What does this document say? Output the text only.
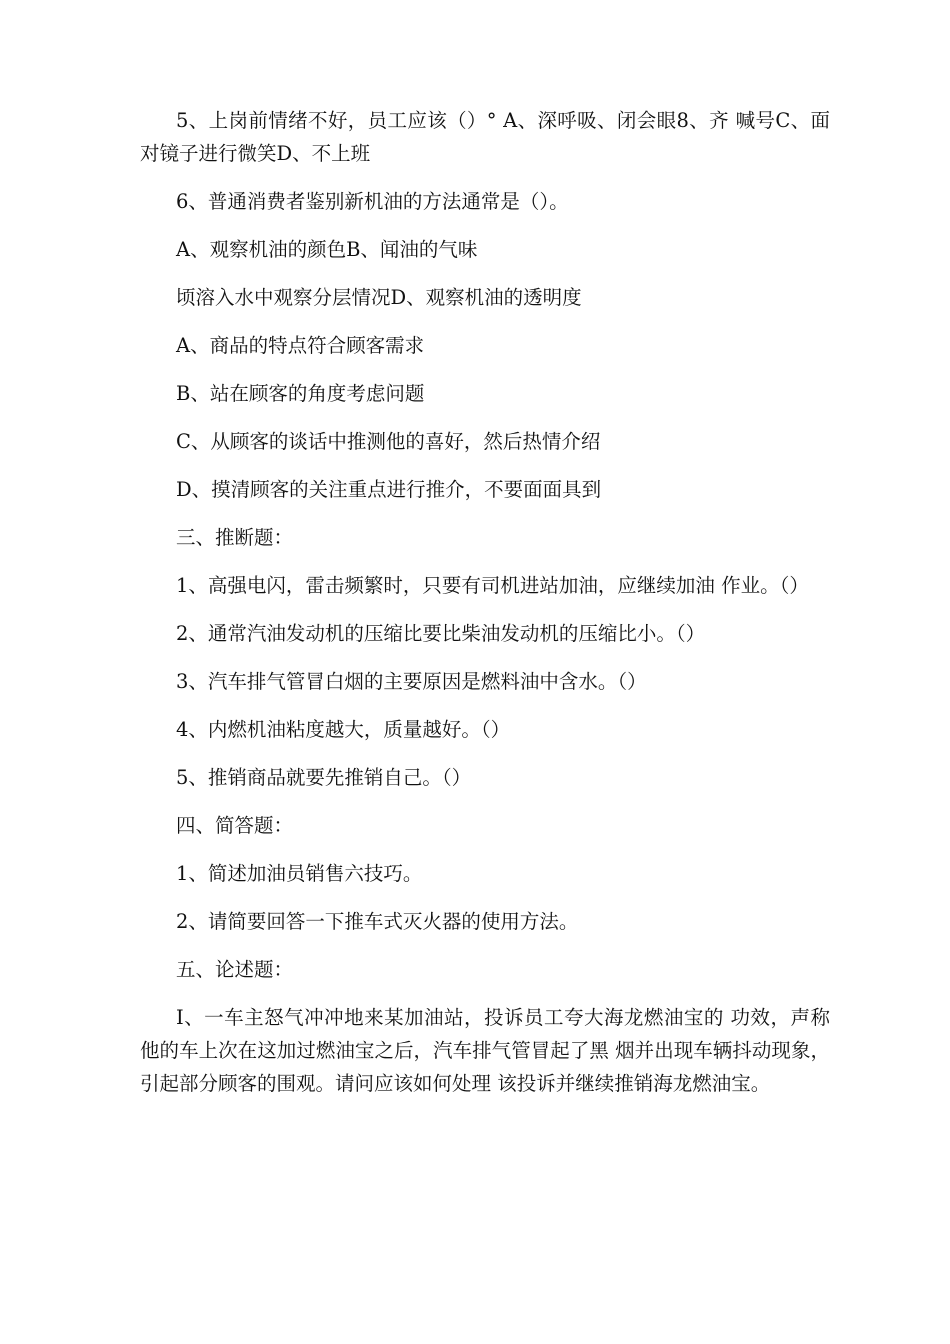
5、上岗前情绪不好，员工应该（）° A、深呼吸、闭会眼8、齐 喊号C、面对镜子进行微笑D、不上班

6、普通消费者鉴别新机油的方法通常是（）。

A、观察机油的颜色B、闻油的气味

顷溶入水中观察分层情况D、观察机油的透明度

A、商品的特点符合顾客需求

B、站在顾客的角度考虑问题

C、从顾客的谈话中推测他的喜好，然后热情介绍

D、摸清顾客的关注重点进行推介，不要面面具到

三、推断题：

1、高强电闪，雷击频繁时，只要有司机进站加油，应继续加油 作业。（）

2、通常汽油发动机的压缩比要比柴油发动机的压缩比小。（）

3、汽车排气管冒白烟的主要原因是燃料油中含水。（）

4、内燃机油粘度越大，质量越好。（）

5、推销商品就要先推销自己。（）

四、简答题：

1、简述加油员销售六技巧。

2、请简要回答一下推车式灭火器的使用方法。

五、论述题：

I、一车主怒气冲冲地来某加油站，投诉员工夸大海龙燃油宝的 功效，声称他的车上次在这加过燃油宝之后，汽车排气管冒起了黑 烟并出现车辆抖动现象，引起部分顾客的围观。请问应该如何处理 该投诉并继续推销海龙燃油宝。
